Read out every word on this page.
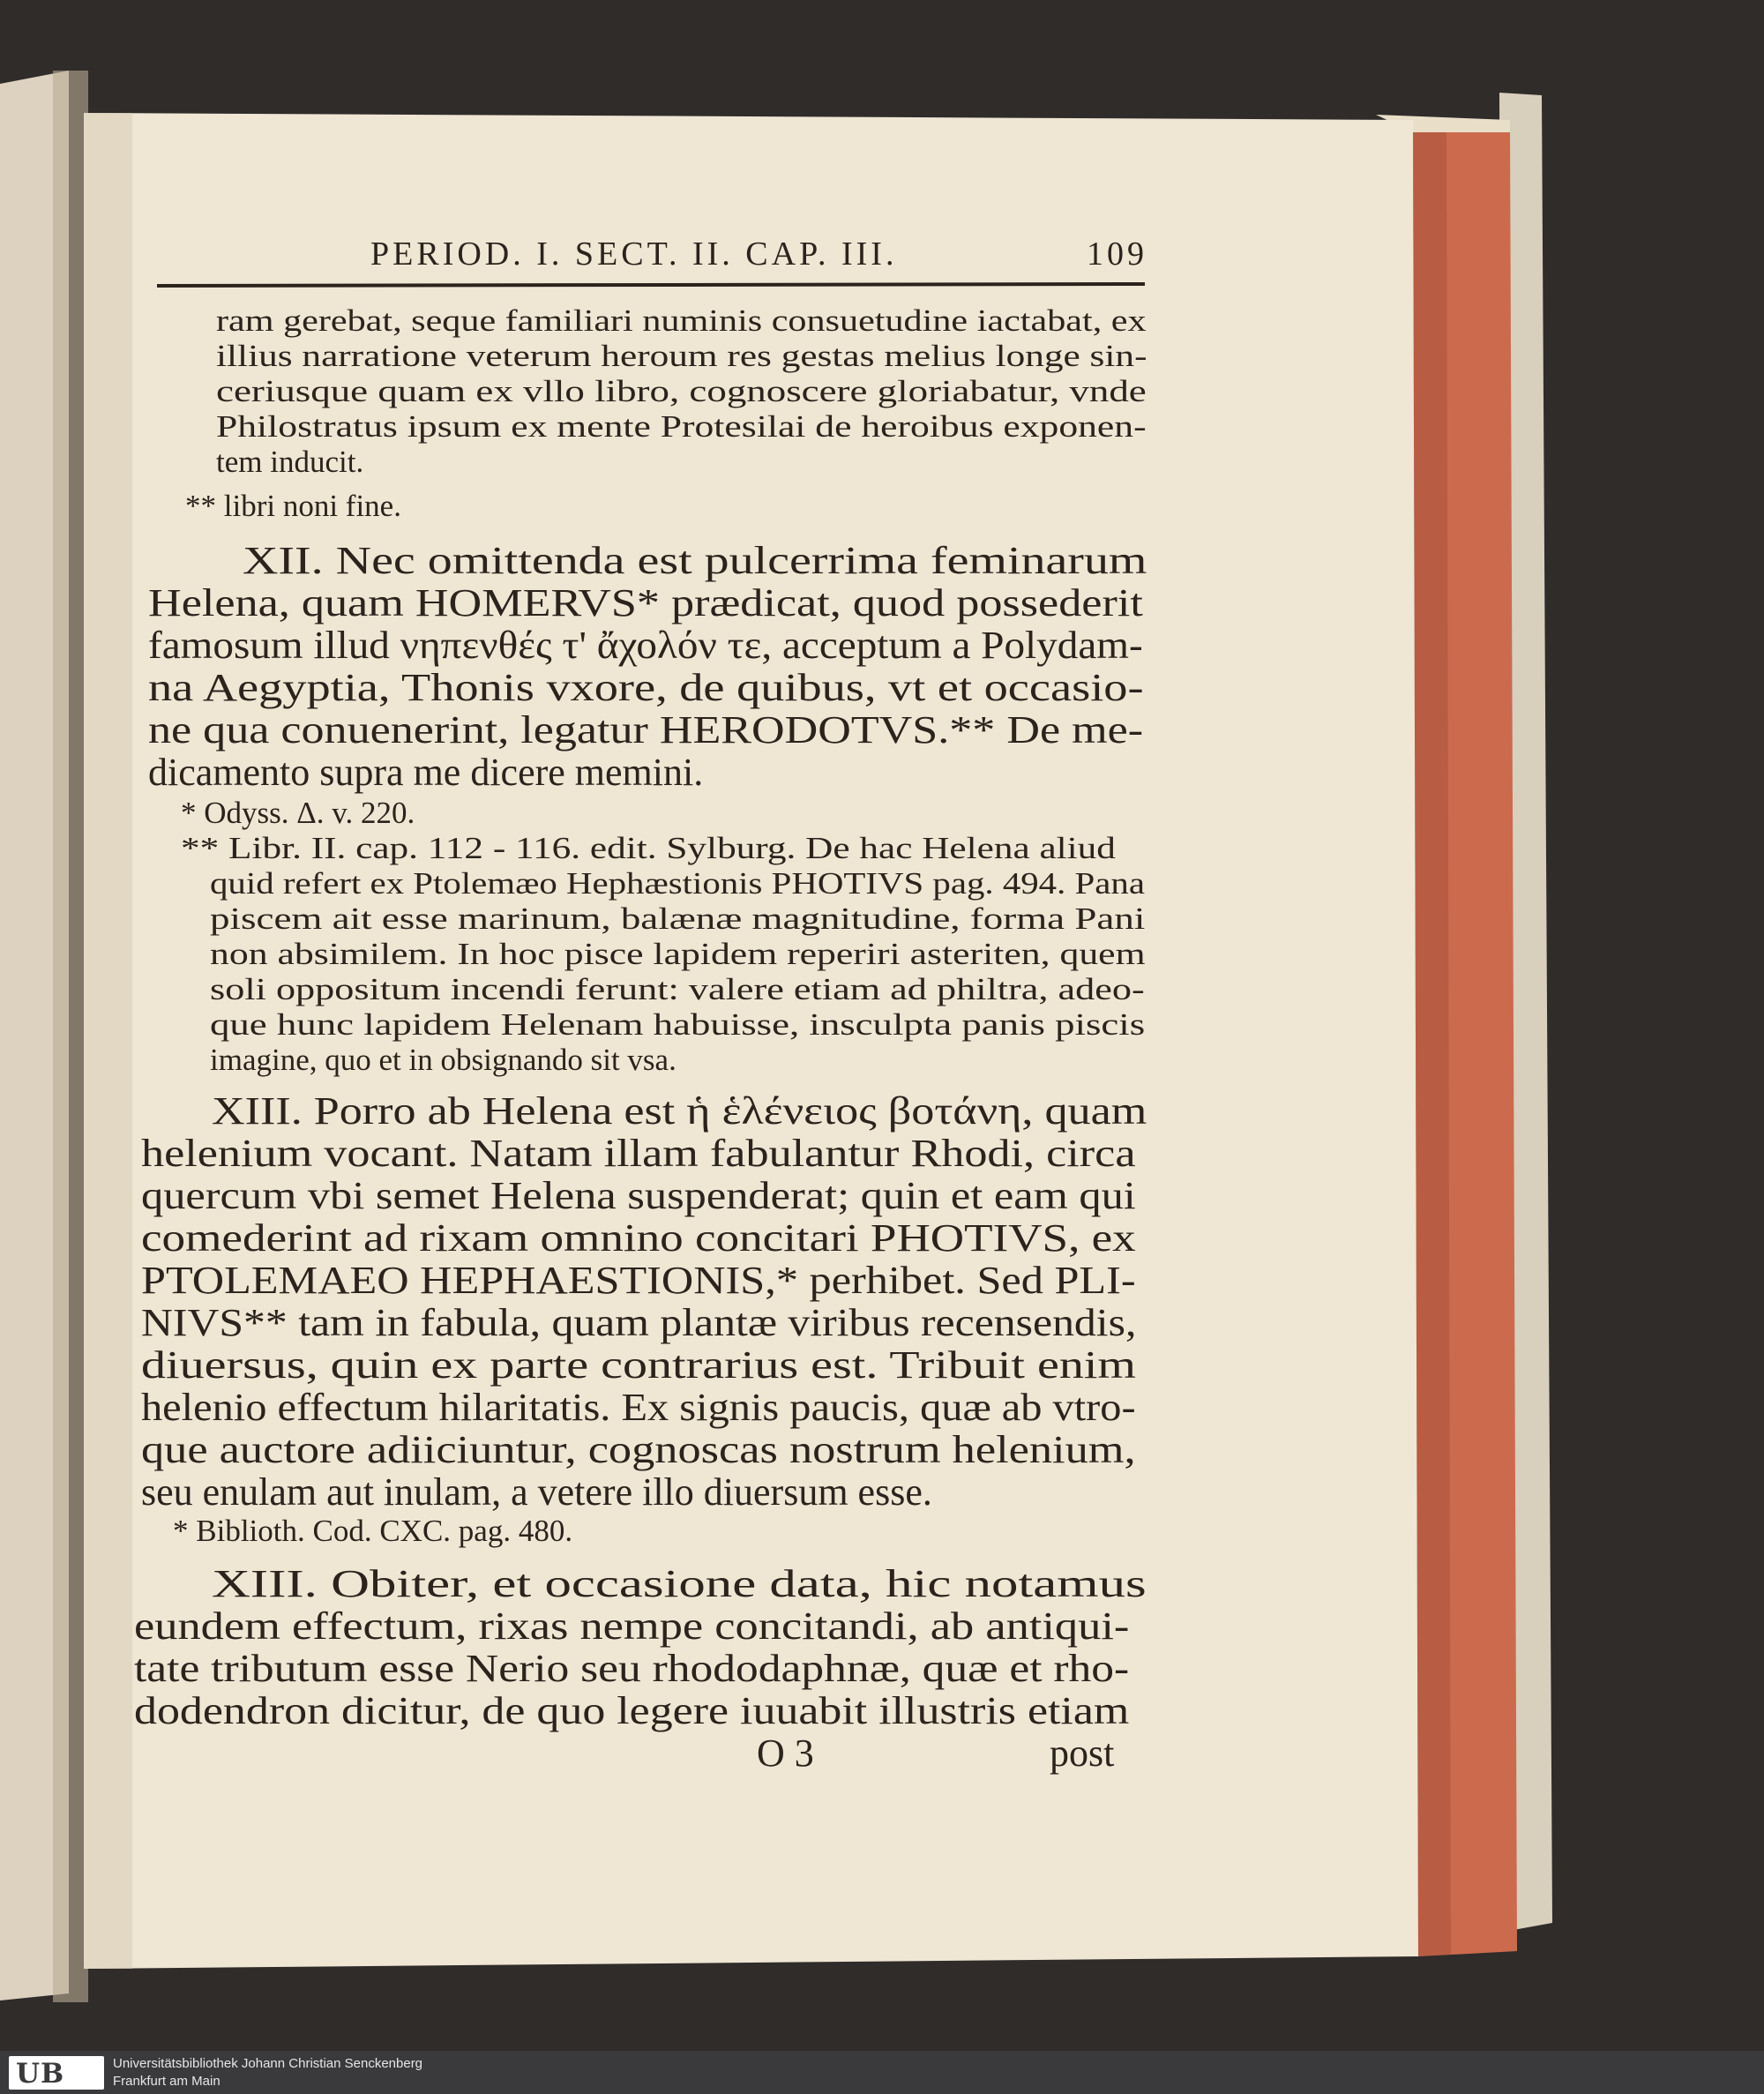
PERIOD. I. SECT. II. CAP. III.	109
ram gerebat, seque familiari numinis consuetudine iactabat, ex
illius narratione veterum heroum res gestas melius longe sin-
ceriusque quam ex vllo libro, cognoscere gloriabatur, vnde
Philostratus ipsum ex mente Protesilai de heroibus exponen-
tem inducit.
** libri noni fine.
XII. Nec omittenda est pulcerrima feminarum
Helena, quam HOMERVS* prædicat, quod possederit
famosum illud νηπενθές τ' ἄχολόν τε, acceptum a Polydam-
na Aegyptia, Thonis vxore, de quibus, vt et occasio-
ne qua conuenerint, legatur HERODOTVS.** De me-
dicamento supra me dicere memini.
* Odyss. Δ. v. 220.
** Libr. II. cap. 112 - 116. edit. Sylburg. De hac Helena aliud
quid refert ex Ptolemæo Hephæstionis PHOTIVS pag. 494. Pana
piscem ait esse marinum, balænæ magnitudine, forma Pani
non absimilem. In hoc pisce lapidem reperiri asteriten, quem
soli oppositum incendi ferunt: valere etiam ad philtra, adeo-
que hunc lapidem Helenam habuisse, insculpta panis piscis
imagine, quo et in obsignando sit vsa.
XIII. Porro ab Helena est ἡ ἑλένειος βοτάνη, quam
helenium vocant. Natam illam fabulantur Rhodi, circa
quercum vbi semet Helena suspenderat; quin et eam qui
comederint ad rixam omnino concitari PHOTIVS, ex
PTOLEMAEO HEPHAESTIONIS,* perhibet. Sed PLI-
NIVS** tam in fabula, quam plantæ viribus recensendis,
diuersus, quin ex parte contrarius est. Tribuit enim
helenio effectum hilaritatis. Ex signis paucis, quæ ab vtro-
que auctore adiiciuntur, cognoscas nostrum helenium,
seu enulam aut inulam, a vetere illo diuersum esse.
* Biblioth. Cod. CXC. pag. 480.
XIII. Obiter, et occasione data, hic notamus
eundem effectum, rixas nempe concitandi, ab antiqui-
tate tributum esse Nerio seu rhododaphnæ, quæ et rho-
dodendron dicitur, de quo legere iuuabit illustris etiam
O 3	post
UB	Universitätsbibliothek Johann Christian Senckenberg
Frankfurt am Main
